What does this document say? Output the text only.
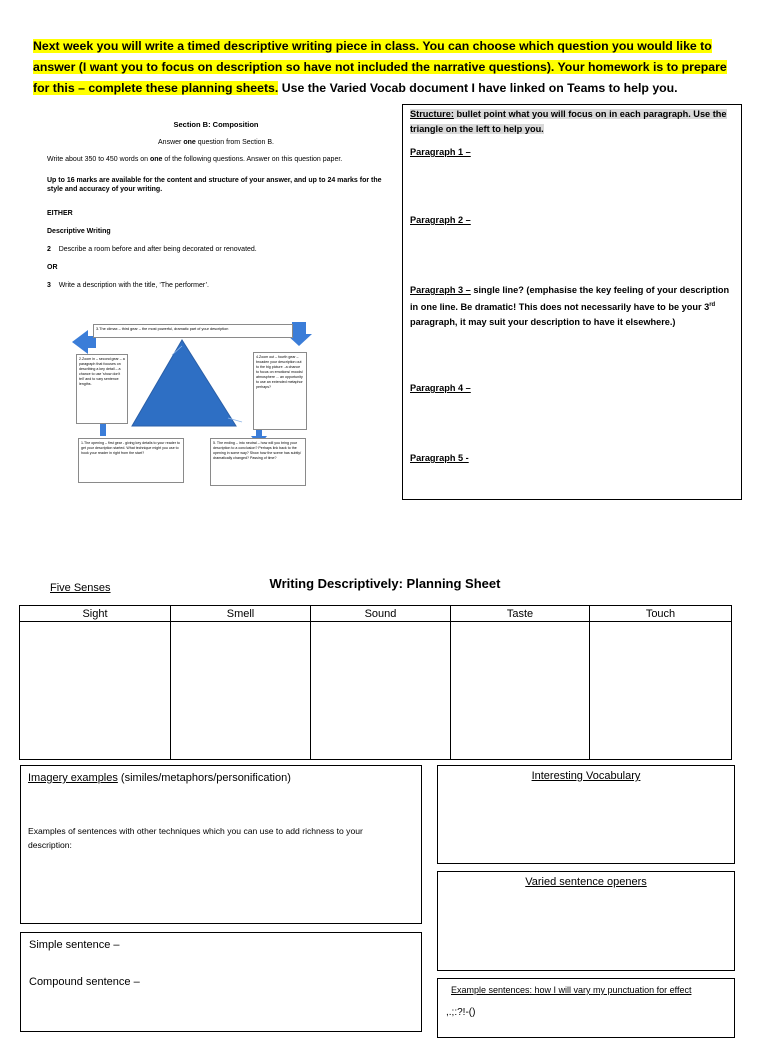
Next week you will write a timed descriptive writing piece in class. You can choose which question you would like to answer (I want you to focus on description so have not included the narrative questions). Your homework is to prepare for this – complete these planning sheets. Use the Varied Vocab document I have linked on Teams to help you.
Section B: Composition
Answer one question from Section B.
Write about 350 to 450 words on one of the following questions. Answer on this question paper.
Up to 16 marks are available for the content and structure of your answer, and up to 24 marks for the style and accuracy of your writing.
EITHER
Descriptive Writing
2 Describe a room before and after being decorated or renovated.
OR
3 Write a description with the title, ‘The performer’.
3.The climax – third gear – the most powerful, dramatic part of your description
2.Zoom in – second gear – a paragraph that focuses on describing a key detail – a chance to use 'show don't tell' and to vary sentence lengths.
4.Zoom out – fourth gear – broaden your description out to the big picture ..a chance to focus on emotions/ moods/ atmosphere ... an opportunity to use an extended metaphor perhaps?
1.The opening – first gear - giving key details to your reader to get your description started. What technique might you use to hook your reader in right from the start?
5. The ending – into neutral – how will you bring your description to a conclusion? Perhaps link back to the opening in some way? Show how the scene has subtly/ dramatically changed? Passing of time?
Structure: bullet point what you will focus on in each paragraph. Use the triangle on the left to help you.
Paragraph 1 –
Paragraph 2 –
Paragraph 3 – single line? (emphasise the key feeling of your description in one line. Be dramatic! This does not necessarily have to be your 3rd paragraph, it may suit your description to have it elsewhere.)
Paragraph 4 –
Paragraph 5 -
Five Senses	Writing Descriptively: Planning Sheet
Sight	Smell	Sound	Taste	Touch

Imagery examples (similes/metaphors/personification)
Examples of sentences with other techniques which you can use to add richness to your description:
Interesting Vocabulary
Varied sentence openers
Simple sentence –
Compound sentence –
Example sentences: how I will vary my punctuation for effect
,.;:?!-()
